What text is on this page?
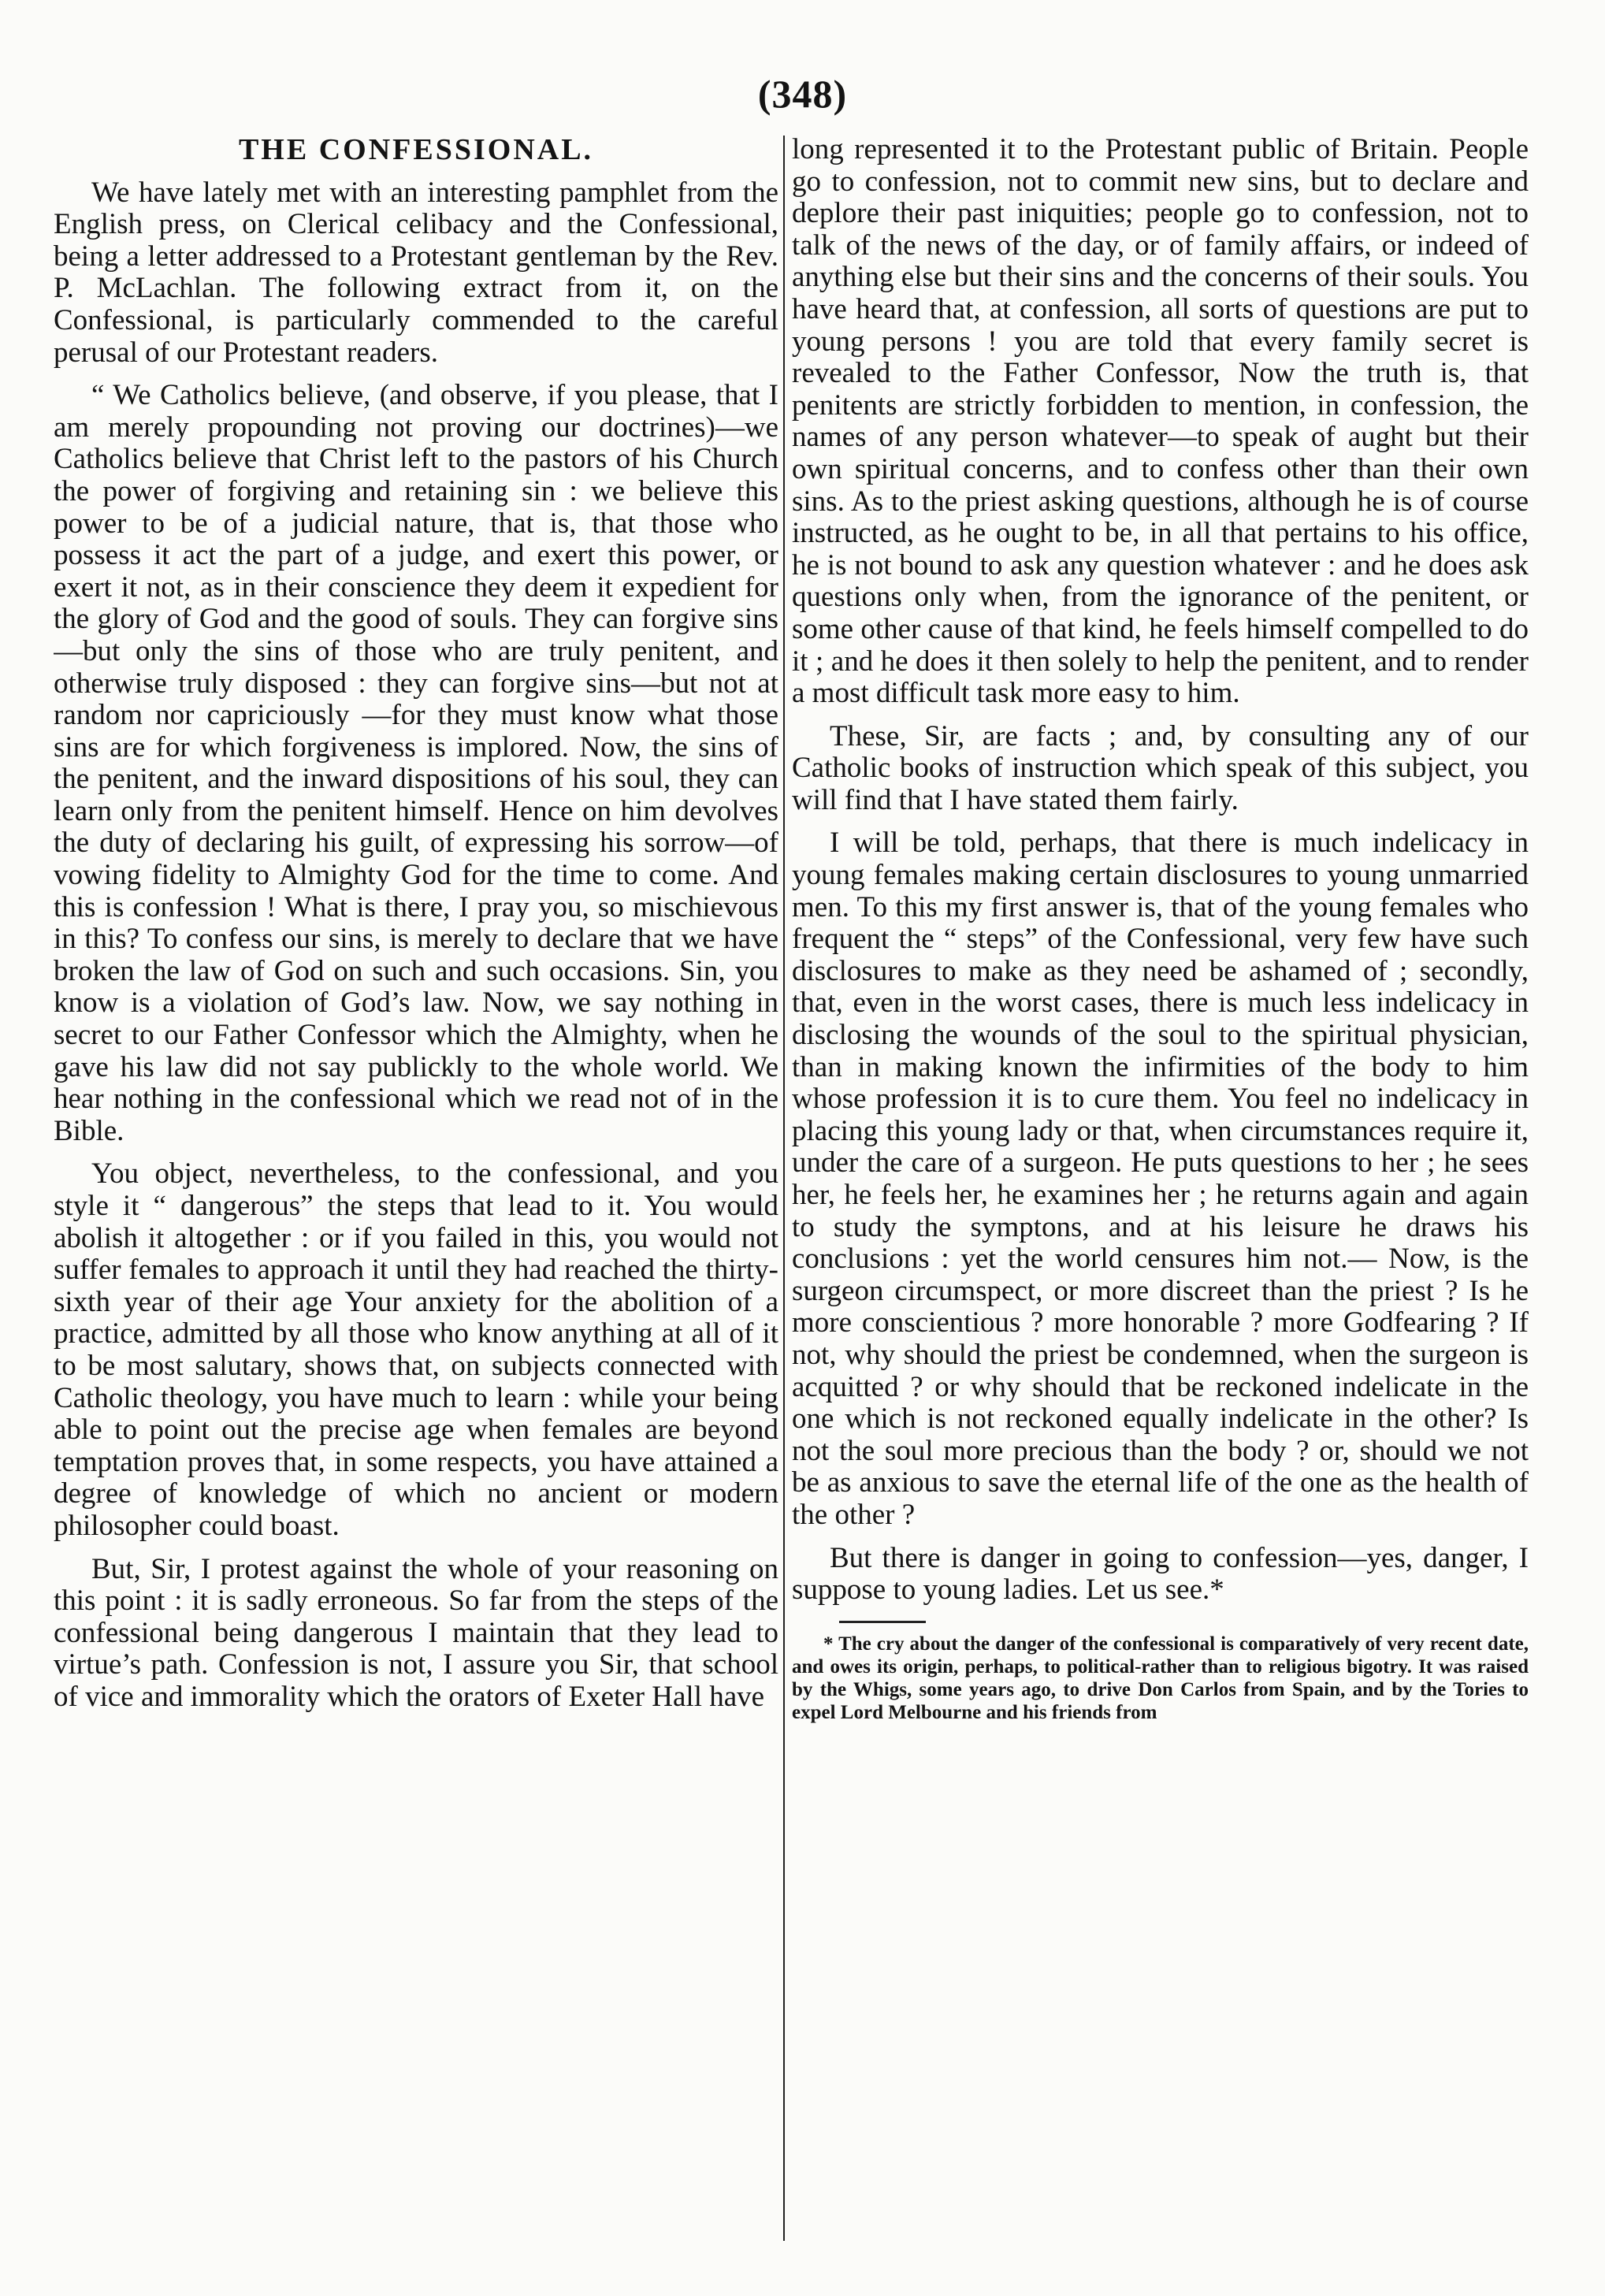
(348)
THE CONFESSIONAL.

We have lately met with an interesting pamphlet from the English press, on Clerical celibacy and the Confessional, being a letter addressed to a Protestant gentleman by the Rev. P. McLachlan. The following extract from it, on the Confessional, is particularly commended to the careful perusal of our Protestant readers.

“ We Catholics believe, (and observe, if you please, that I am merely propounding not proving our doctrines)—we Catholics believe that Christ left to the pastors of his Church the power of forgiving and retaining sin : we believe this power to be of a judicial nature, that is, that those who possess it act the part of a judge, and exert this power, or exert it not, as in their conscience they deem it expedient for the glory of God and the good of souls. They can forgive sins—but only the sins of those who are truly penitent, and otherwise truly disposed : they can forgive sins—but not at random nor capriciously —for they must know what those sins are for which forgiveness is implored. Now, the sins of the penitent, and the inward dispositions of his soul, they can learn only from the penitent himself. Hence on him devolves the duty of declaring his guilt, of expressing his sorrow—of vowing fidelity to Almighty God for the time to come. And this is confession ! What is there, I pray you, so mischievous in this? To confess our sins, is merely to declare that we have broken the law of God on such and such occasions. Sin, you know is a violation of God’s law. Now, we say nothing in secret to our Father Confessor which the Almighty, when he gave his law did not say publickly to the whole world. We hear nothing in the confessional which we read not of in the Bible.

You object, nevertheless, to the confessional, and you style it “ dangerous” the steps that lead to it. You would abolish it altogether : or if you failed in this, you would not suffer females to approach it until they had reached the thirty-sixth year of their age Your anxiety for the abolition of a practice, admitted by all those who know anything at all of it to be most salutary, shows that, on subjects connected with Catholic theology, you have much to learn : while your being able to point out the precise age when females are beyond temptation proves that, in some respects, you have attained a degree of knowledge of which no ancient or modern philosopher could boast.

But, Sir, I protest against the whole of your reasoning on this point : it is sadly erroneous. So far from the steps of the confessional being dangerous I maintain that they lead to virtue’s path. Confession is not, I assure you Sir, that school of vice and immorality which the orators of Exeter Hall have

long represented it to the Protestant public of Britain. People go to confession, not to commit new sins, but to declare and deplore their past iniquities; people go to confession, not to talk of the news of the day, or of family affairs, or indeed of anything else but their sins and the concerns of their souls. You have heard that, at confession, all sorts of questions are put to young persons ! you are told that every family secret is revealed to the Father Confessor, Now the truth is, that penitents are strictly forbidden to mention, in confession, the names of any person whatever—to speak of aught but their own spiritual concerns, and to confess other than their own sins. As to the priest asking questions, although he is of course instructed, as he ought to be, in all that pertains to his office, he is not bound to ask any question whatever : and he does ask questions only when, from the ignorance of the penitent, or some other cause of that kind, he feels himself compelled to do it ; and he does it then solely to help the penitent, and to render a most difficult task more easy to him.

These, Sir, are facts ; and, by consulting any of our Catholic books of instruction which speak of this subject, you will find that I have stated them fairly.

I will be told, perhaps, that there is much indelicacy in young females making certain disclosures to young unmarried men. To this my first answer is, that of the young females who frequent the “ steps” of the Confessional, very few have such disclosures to make as they need be ashamed of ; secondly, that, even in the worst cases, there is much less indelicacy in disclosing the wounds of the soul to the spiritual physician, than in making known the infirmities of the body to him whose profession it is to cure them. You feel no indelicacy in placing this young lady or that, when circumstances require it, under the care of a surgeon. He puts questions to her ; he sees her, he feels her, he examines her ; he returns again and again to study the symptons, and at his leisure he draws his conclusions : yet the world censures him not.— Now, is the surgeon circumspect, or more discreet than the priest ? Is he more conscientious ? more honorable ? more Godfearing ? If not, why should the priest be condemned, when the surgeon is acquitted ? or why should that be reckoned indelicate in the one which is not reckoned equally indelicate in the other? Is not the soul more precious than the body ? or, should we not be as anxious to save the eternal life of the one as the health of the other ?

But there is danger in going to confession—yes, danger, I suppose to young ladies. Let us see.*

* The cry about the danger of the confessional is comparatively of very recent date, and owes its origin, perhaps, to political-rather than to religious bigotry. It was raised by the Whigs, some years ago, to drive Don Carlos from Spain, and by the Tories to expel Lord Melbourne and his friends from
